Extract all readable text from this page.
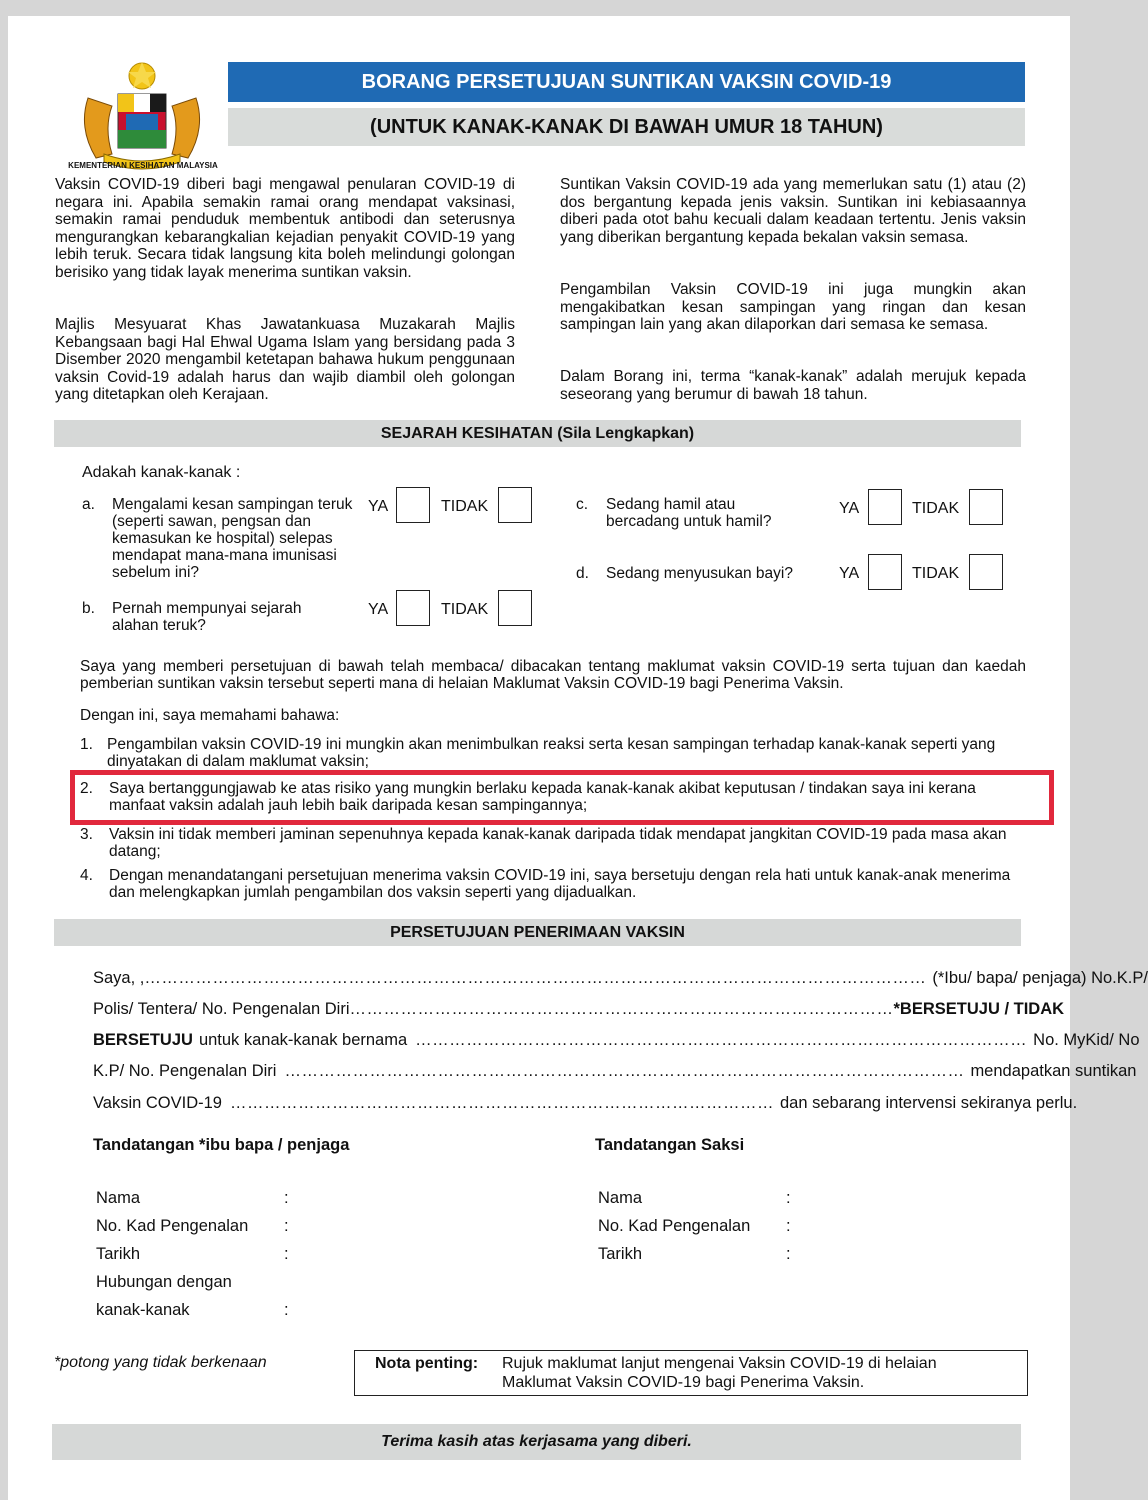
KEMENTERIAN KESIHATAN MALAYSIA
BORANG PERSETUJUAN SUNTIKAN VAKSIN COVID-19
(UNTUK KANAK-KANAK DI BAWAH UMUR 18 TAHUN)
Vaksin COVID-19 diberi bagi mengawal penularan COVID-19 di negara ini. Apabila semakin ramai orang mendapat vaksinasi, semakin ramai penduduk membentuk antibodi dan seterusnya mengurangkan kebarangkalian kejadian penyakit COVID-19 yang lebih teruk. Secara tidak langsung kita boleh melindungi golongan berisiko yang tidak layak menerima suntikan vaksin.
Majlis Mesyuarat Khas Jawatankuasa Muzakarah Majlis Kebangsaan bagi Hal Ehwal Ugama Islam yang bersidang pada 3 Disember 2020 mengambil ketetapan bahawa hukum penggunaan vaksin Covid-19 adalah harus dan wajib diambil oleh golongan yang ditetapkan oleh Kerajaan.
Suntikan Vaksin COVID-19 ada yang memerlukan satu (1) atau (2) dos bergantung kepada jenis vaksin. Suntikan ini kebiasaannya diberi pada otot bahu kecuali dalam keadaan tertentu. Jenis vaksin yang diberikan bergantung kepada bekalan vaksin semasa.
Pengambilan Vaksin COVID-19 ini juga mungkin akan mengakibatkan kesan sampingan yang ringan dan kesan sampingan lain yang akan dilaporkan dari semasa ke semasa.
Dalam Borang ini, terma “kanak-kanak” adalah merujuk kepada seseorang yang berumur di bawah 18 tahun.
SEJARAH KESIHATAN (Sila Lengkapkan)
Adakah kanak-kanak :
a. Mengalami kesan sampingan teruk (seperti sawan, pengsan dan kemasukan ke hospital) selepas mendapat mana-mana imunisasi sebelum ini?
YA	TIDAK
b. Pernah mempunyai sejarah alahan teruk?
YA	TIDAK
c. Sedang hamil atau bercadang untuk hamil?
YA	TIDAK
d. Sedang menyusukan bayi?	YA	TIDAK
Saya yang memberi persetujuan di bawah telah membaca/ dibacakan tentang maklumat vaksin COVID-19 serta tujuan dan kaedah pemberian suntikan vaksin tersebut seperti mana di helaian Maklumat Vaksin COVID-19 bagi Penerima Vaksin.
Dengan ini, saya memahami bahawa:
1. Pengambilan vaksin COVID-19 ini mungkin akan menimbulkan reaksi serta kesan sampingan terhadap kanak-kanak seperti yang dinyatakan di dalam maklumat vaksin;
2. Saya bertanggungjawab ke atas risiko yang mungkin berlaku kepada kanak-kanak akibat keputusan / tindakan saya ini kerana manfaat vaksin adalah jauh lebih baik daripada kesan sampingannya;
3. Vaksin ini tidak memberi jaminan sepenuhnya kepada kanak-kanak daripada tidak mendapat jangkitan COVID-19 pada masa akan datang;
4. Dengan menandatangani persetujuan menerima vaksin COVID-19 ini, saya bersetuju dengan rela hati untuk kanak-anak menerima dan melengkapkan jumlah pengambilan dos vaksin seperti yang dijadualkan.
PERSETUJUAN PENERIMAAN VAKSIN
Saya, , ………………………………………………………………………………………………………………………… (*Ibu/ bapa/ penjaga) No.K.P/
Polis/ Tentera/ No. Pengenalan Diri …………………………………………………………………………………… *BERSETUJU / TIDAK
BERSETUJU untuk kanak-kanak bernama ……………………………………………………………………………………………… No. MyKid/ No
K.P/ No. Pengenalan Diri ………………………………………………………………………………………………………… mendapatkan suntikan
Vaksin COVID-19 …………………………………………………………………………………… dan sebarang intervensi sekiranya perlu.
Tandatangan *ibu bapa / penjaga	Tandatangan Saksi
Nama	:
No. Kad Pengenalan :
Tarikh	:
Hubungan dengan
kanak-kanak	:
Nama	:
No. Kad Pengenalan :
Tarikh	:
*potong yang tidak berkenaan	Nota penting: Rujuk maklumat lanjut mengenai Vaksin COVID-19 di helaian
Maklumat Vaksin COVID-19 bagi Penerima Vaksin.
Terima kasih atas kerjasama yang diberi.
